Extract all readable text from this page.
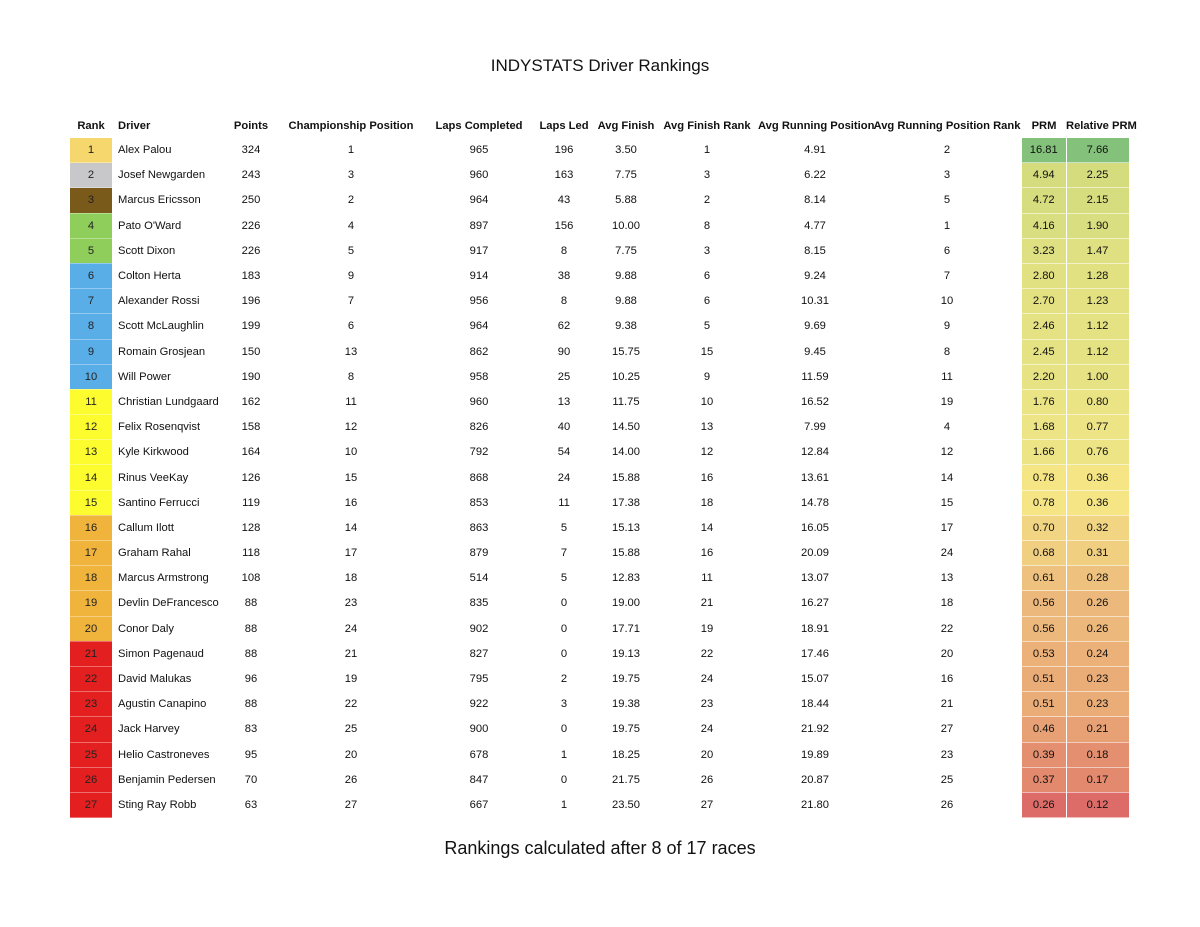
INDYSTATS Driver Rankings
Rank	Driver	Points	Championship Position	Laps Completed	Laps Led	Avg Finish	Avg Finish Rank	Avg Running Position	Avg Running Position Rank	PRM	Relative PRM
1	Alex Palou	324	1	965	196	3.50	1	4.91	2	16.81	7.66
2	Josef Newgarden	243	3	960	163	7.75	3	6.22	3	4.94	2.25
3	Marcus Ericsson	250	2	964	43	5.88	2	8.14	5	4.72	2.15
4	Pato O'Ward	226	4	897	156	10.00	8	4.77	1	4.16	1.90
5	Scott Dixon	226	5	917	8	7.75	3	8.15	6	3.23	1.47
6	Colton Herta	183	9	914	38	9.88	6	9.24	7	2.80	1.28
7	Alexander Rossi	196	7	956	8	9.88	6	10.31	10	2.70	1.23
8	Scott McLaughlin	199	6	964	62	9.38	5	9.69	9	2.46	1.12
9	Romain Grosjean	150	13	862	90	15.75	15	9.45	8	2.45	1.12
10	Will Power	190	8	958	25	10.25	9	11.59	11	2.20	1.00
11	Christian Lundgaard	162	11	960	13	11.75	10	16.52	19	1.76	0.80
12	Felix Rosenqvist	158	12	826	40	14.50	13	7.99	4	1.68	0.77
13	Kyle Kirkwood	164	10	792	54	14.00	12	12.84	12	1.66	0.76
14	Rinus VeeKay	126	15	868	24	15.88	16	13.61	14	0.78	0.36
15	Santino Ferrucci	119	16	853	11	17.38	18	14.78	15	0.78	0.36
16	Callum Ilott	128	14	863	5	15.13	14	16.05	17	0.70	0.32
17	Graham Rahal	118	17	879	7	15.88	16	20.09	24	0.68	0.31
18	Marcus Armstrong	108	18	514	5	12.83	11	13.07	13	0.61	0.28
19	Devlin DeFrancesco	88	23	835	0	19.00	21	16.27	18	0.56	0.26
20	Conor Daly	88	24	902	0	17.71	19	18.91	22	0.56	0.26
21	Simon Pagenaud	88	21	827	0	19.13	22	17.46	20	0.53	0.24
22	David Malukas	96	19	795	2	19.75	24	15.07	16	0.51	0.23
23	Agustin Canapino	88	22	922	3	19.38	23	18.44	21	0.51	0.23
24	Jack Harvey	83	25	900	0	19.75	24	21.92	27	0.46	0.21
25	Helio Castroneves	95	20	678	1	18.25	20	19.89	23	0.39	0.18
26	Benjamin Pedersen	70	26	847	0	21.75	26	20.87	25	0.37	0.17
27	Sting Ray Robb	63	27	667	1	23.50	27	21.80	26	0.26	0.12
Rankings calculated after 8 of 17 races
